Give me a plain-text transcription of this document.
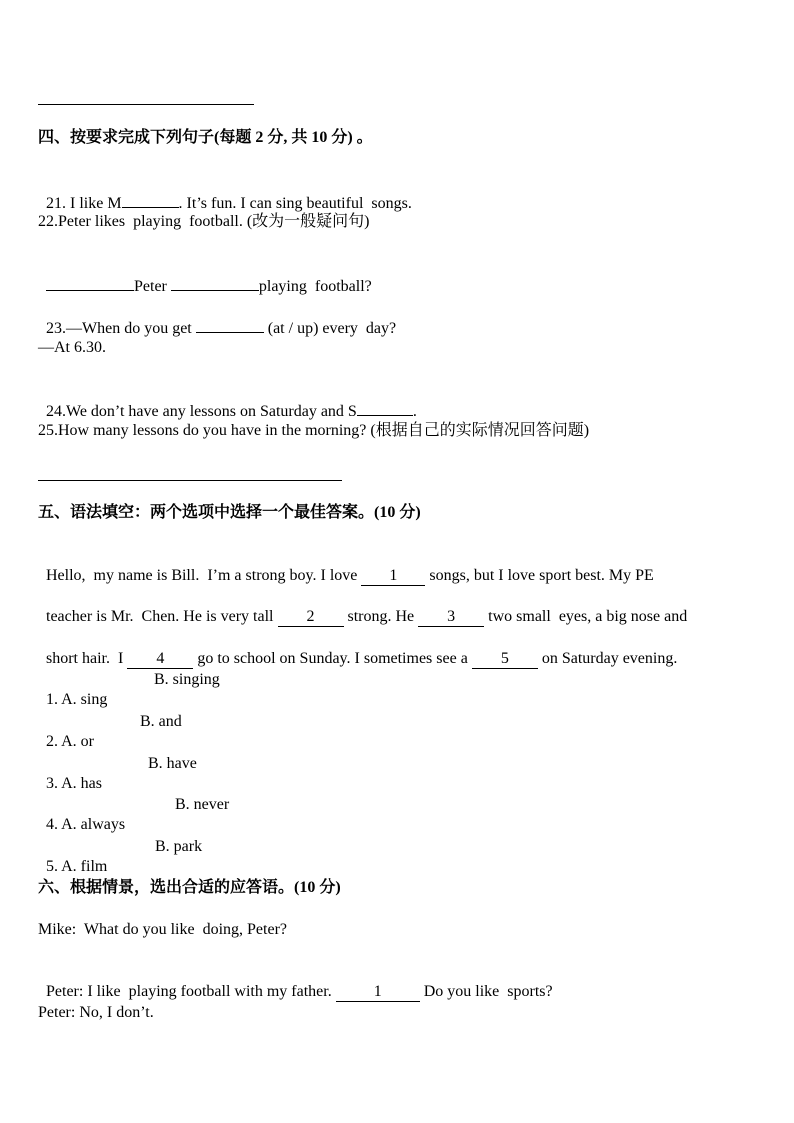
四、按要求完成下列句子(每题 2 分, 共 10 分) 。

21. I like M	. It’s fun. I can sing beautiful  songs.

22.Peter likes  playing  football. (改为一般疑问句)

Peter	playing  football?

23.—When do you get	(at / up) every  day?

—At 6.30.

24.We don’t have any lessons on Saturday and S	.

25.How many lessons do you have in the morning? (根据自己的实际情况回答问题)
五、语法填空：两个选项中选择一个最佳答案。(10 分)

Hello,  my name is Bill.  I’m a strong boy. I love 1 songs, but I love sport best. My PE

teacher is Mr.  Chen. He is very tall 2 strong. He 3 two small  eyes, a big nose and

short hair.  I 4 go to school on Sunday. I sometimes see a 5 on Saturday evening.

1. A. sing

B. singing

2. A. or

B. and

3. A. has

B. have

4. A. always

B. never

5. A. film

B. park

六、根据情景，选出合适的应答语。(10 分)
Mike:  What do you like  doing, Peter?

Peter: I like  playing football with my father. 1 Do you like  sports?

Peter: No, I don’t.
